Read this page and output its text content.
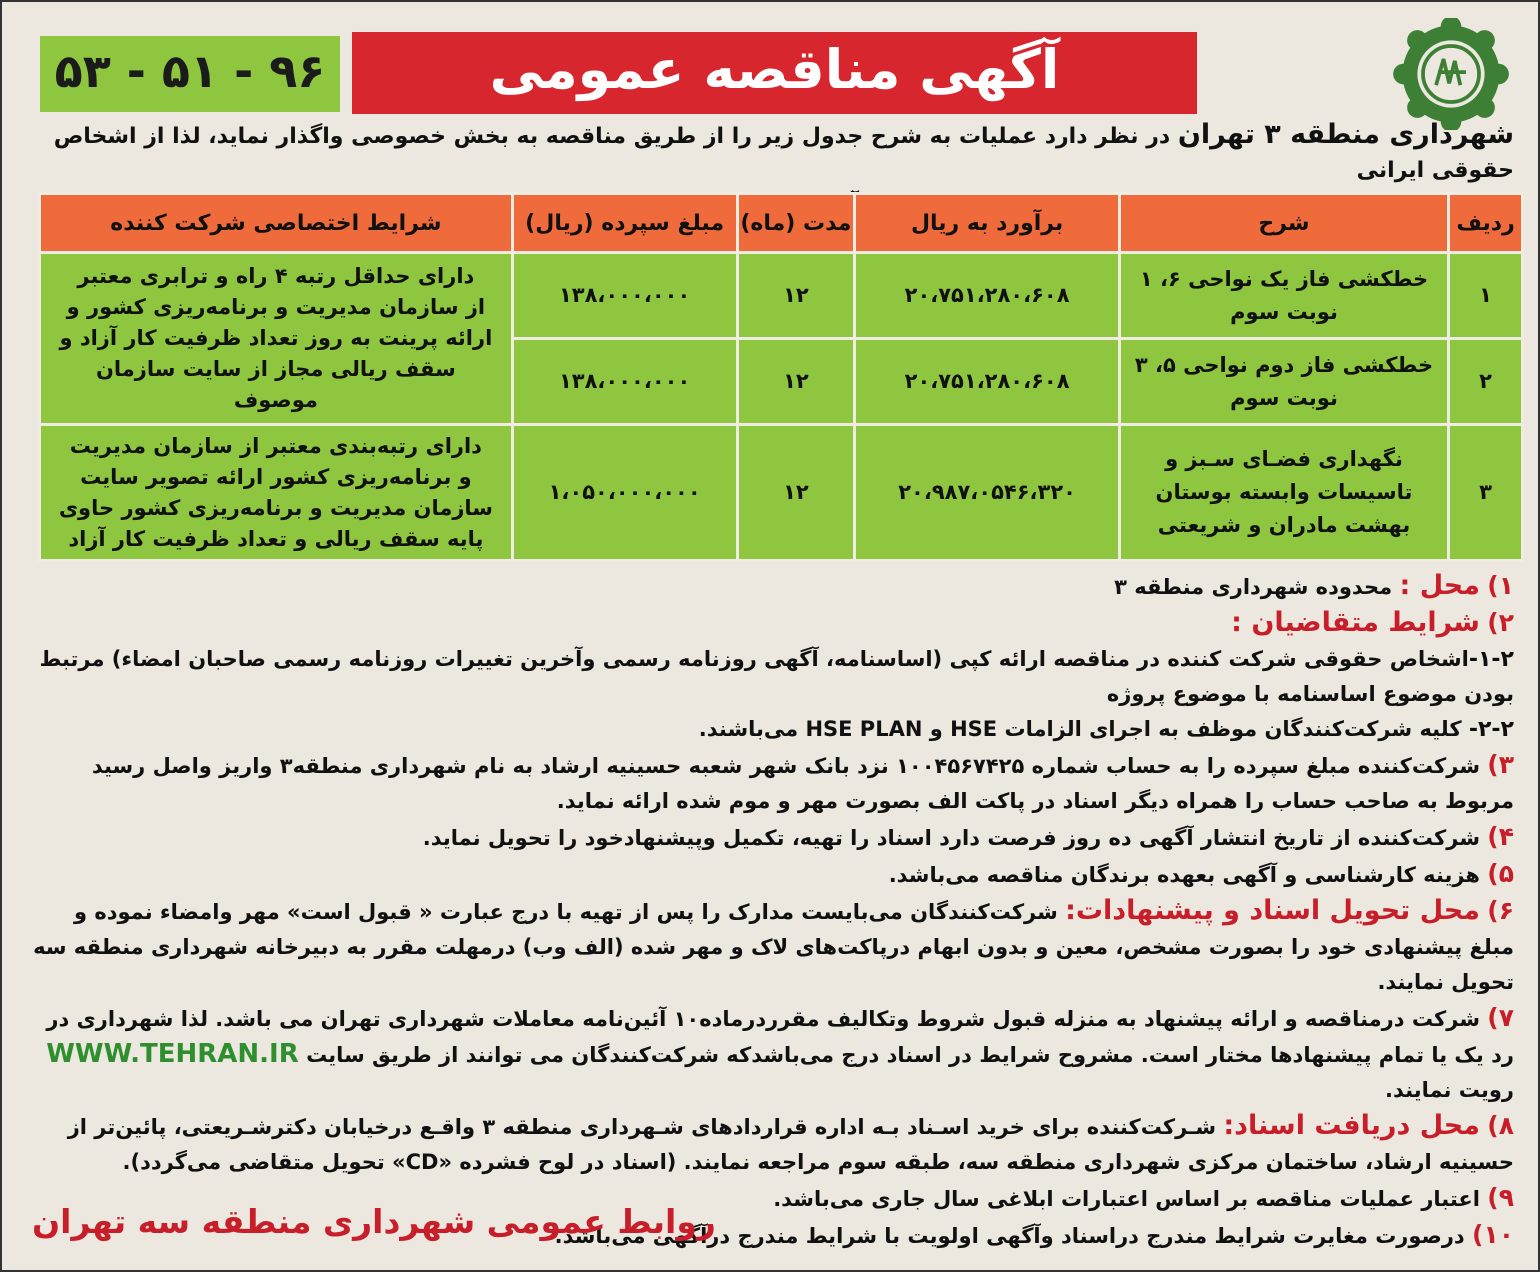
آگهی مناقصه عمومی
۹۶ - ۵۱ - ۵۳
شهرداری منطقه ۳ تهران در نظر دارد عملیات به شرح جدول زیر را از طریق مناقصه به بخش خصوصی واگذار نماید، لذا از اشخاص حقوقی ایرانی

ردیف	شرح	برآورد به ریال	مدت (ماه)	مبلغ سپرده (ریال)	شرایط اختصاصی شرکت کننده
۱	خطکشی فاز یک نواحی ۶، ۱
نوبت سوم	۲۰،۷۵۱،۲۸۰،۶۰۸	۱۲	۱۳۸،۰۰۰،۰۰۰	دارای حداقل رتبه ۴ راه و ترابری معتبر
از سازمان مدیریت و برنامه‌ریزی کشور و
ارائه پرینت به روز تعداد ظرفیت کار آزاد و
سقف ریالی مجاز از سایت سازمان موصوف
۲	خطکشی فاز دوم نواحی ۵، ۳
نوبت سوم	۲۰،۷۵۱،۲۸۰،۶۰۸	۱۲	۱۳۸،۰۰۰،۰۰۰	
۳	نگهداری فضـای سـبز و
تاسیسات وابسته بوستان
بهشت مادران و شریعتی	۲۰،۹۸۷،۰۵۴۶،۳۲۰	۱۲	۱،۰۵۰،۰۰۰،۰۰۰	دارای رتبه‌بندی معتبر از سازمان مدیریت
و برنامه‌ریزی کشور ارائه تصویر سایت
سازمان مدیریت و برنامه‌ریزی کشور حاوی
پایه سقف ریالی و تعداد ظرفیت کار آزاد

۱) محل : محدوده شهرداری منطقه ۳

۲) شرایط متقاضیان :

۱-۲-اشخاص حقوقی شرکت کننده در مناقصه ارائه کپی (اساسنامه، آگهی روزنامه رسمی وآخرین تغییرات روزنامه رسمی صاحبان امضاء) مرتبط بودن موضوع اساسنامه با موضوع پروژه

۲-۲- کلیه شرکت‌کنندگان موظف به اجرای الزامات HSE و HSE PLAN می‌باشند.

۳) شرکت‌کننده مبلغ سپرده را به حساب شماره ۱۰۰۴۵۶۷۴۲۵ نزد بانک شهر شعبه حسینیه ارشاد به نام شهرداری منطقه۳ واریز واصل رسید مربوط به صاحب حساب را همراه دیگر اسناد در پاکت الف بصورت مهر و موم شده ارائه نماید.

۴) شرکت‌کننده از تاریخ انتشار آگهی ده روز فرصت دارد اسناد را تهیه، تکمیل وپیشنهادخود را تحویل نماید.

۵) هزینه کارشناسی و آگهی بعهده برندگان مناقصه می‌باشد.

۶) محل تحویل اسناد و پیشنهادات: شرکت‌کنندگان می‌بایست مدارک را پس از تهیه با درج عبارت « قبول است» مهر وامضاء نموده و مبلغ پیشنهادی خود را بصورت مشخص، معین و بدون ابهام درپاکت‌های لاک و مهر شده (الف وب) درمهلت مقرر به دبیرخانه شهرداری منطقه سه تحویل نمایند.

۷) شرکت درمناقصه و ارائه پیشنهاد به منزله قبول شروط وتکالیف مقرردرماده۱۰ آئین‌نامه معاملات شهرداری تهران می باشد. لذا شهرداری در رد یک یا تمام پیشنهادها مختار است. مشروح شرایط در اسناد درج می‌باشدکه شرکت‌کنندگان می توانند از طریق سایت WWW.TEHRAN.IR رویت نمایند.

۸) محل دریافت اسناد: شـرکت‌کننده برای خرید اسـناد بـه اداره قراردادهای شـهرداری منطقه ۳ واقـع درخیابان دکترشـریعتی، پائین‌تر از حسینیه ارشاد، ساختمان مرکزی شهرداری منطقه سه، طبقه سوم مراجعه نمایند. (اسناد در لوح فشرده «CD» تحویل متقاضی می‌گردد).

۹) اعتبار عملیات مناقصه بر اساس اعتبارات ابلاغی سال جاری می‌باشد.

۱۰) درصورت مغایرت شرایط مندرج دراسناد وآگهی اولویت با شرایط مندرج درآگهی می‌باشد.

روابط عمومی شهرداری منطقه سه تهران
